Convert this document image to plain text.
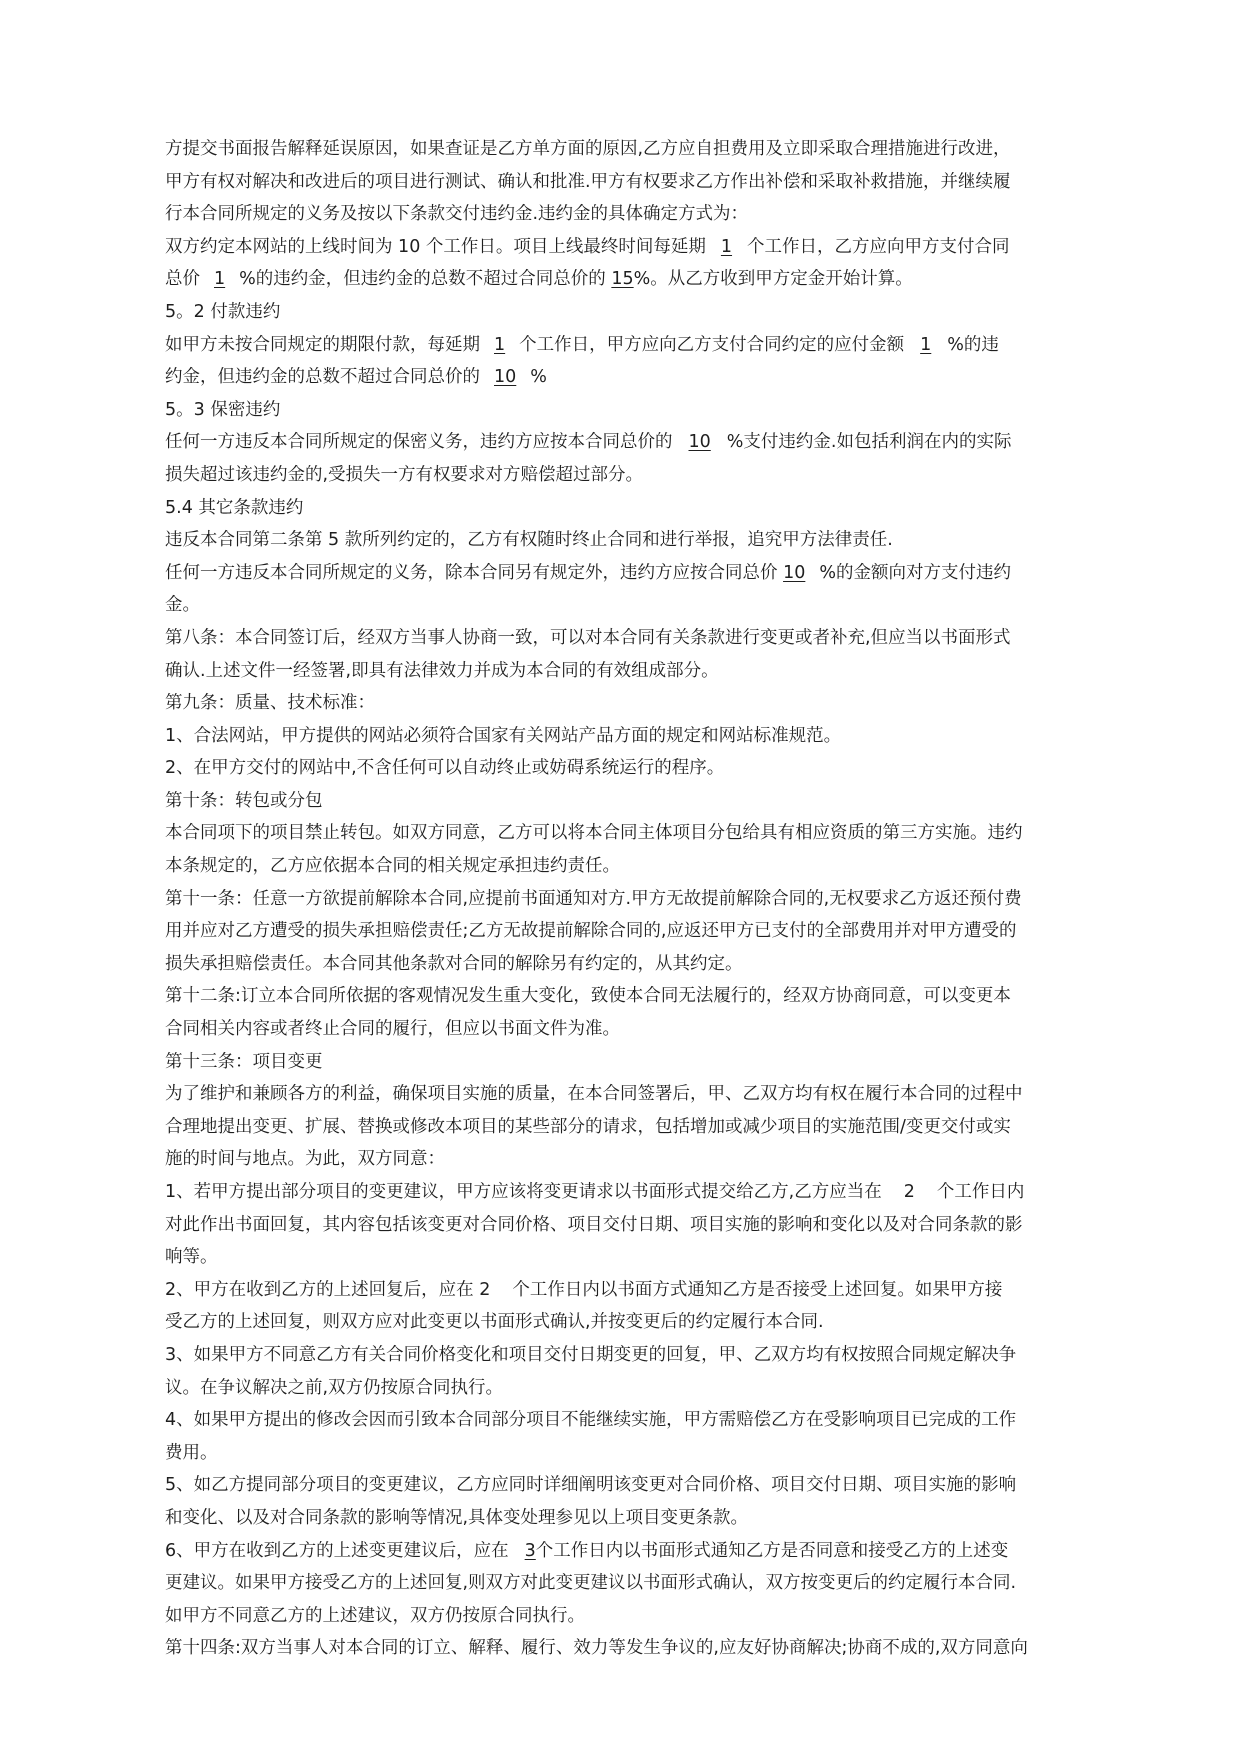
方提交书面报告解释延误原因，如果查证是乙方单方面的原因,乙方应自担费用及立即采取合理措施进行改进，
甲方有权对解决和改进后的项目进行测试、确认和批准.甲方有权要求乙方作出补偿和采取补救措施，并继续履
行本合同所规定的义务及按以下条款交付违约金.违约金的具体确定方式为：
双方约定本网站的上线时间为 10 个工作日。项目上线最终时间每延期 1 个工作日，乙方应向甲方支付合同
总价 1 %的违约金，但违约金的总数不超过合同总价的 15%。从乙方收到甲方定金开始计算。
5。2 付款违约
如甲方未按合同规定的期限付款，每延期 1 个工作日，甲方应向乙方支付合同约定的应付金额 1 %的违
约金，但违约金的总数不超过合同总价的 10 %
5。3 保密违约
任何一方违反本合同所规定的保密义务，违约方应按本合同总价的 10 %支付违约金.如包括利润在内的实际
损失超过该违约金的,受损失一方有权要求对方赔偿超过部分。
5.4 其它条款违约
违反本合同第二条第 5 款所列约定的，乙方有权随时终止合同和进行举报，追究甲方法律责任.
任何一方违反本合同所规定的义务，除本合同另有规定外，违约方应按合同总价 10 %的金额向对方支付违约
金。
第八条：本合同签订后，经双方当事人协商一致，可以对本合同有关条款进行变更或者补充,但应当以书面形式
确认.上述文件一经签署,即具有法律效力并成为本合同的有效组成部分。
第九条：质量、技术标准：
1、合法网站，甲方提供的网站必须符合国家有关网站产品方面的规定和网站标准规范。
2、在甲方交付的网站中,不含任何可以自动终止或妨碍系统运行的程序。
第十条：转包或分包
本合同项下的项目禁止转包。如双方同意，乙方可以将本合同主体项目分包给具有相应资质的第三方实施。违约
本条规定的，乙方应依据本合同的相关规定承担违约责任。
第十一条：任意一方欲提前解除本合同,应提前书面通知对方.甲方无故提前解除合同的,无权要求乙方返还预付费
用并应对乙方遭受的损失承担赔偿责任;乙方无故提前解除合同的,应返还甲方已支付的全部费用并对甲方遭受的
损失承担赔偿责任。本合同其他条款对合同的解除另有约定的，从其约定。
第十二条:订立本合同所依据的客观情况发生重大变化，致使本合同无法履行的，经双方协商同意，可以变更本
合同相关内容或者终止合同的履行，但应以书面文件为准。
第十三条：项目变更
为了维护和兼顾各方的利益，确保项目实施的质量，在本合同签署后，甲、乙双方均有权在履行本合同的过程中
合理地提出变更、扩展、替换或修改本项目的某些部分的请求，包括增加或减少项目的实施范围/变更交付或实
施的时间与地点。为此，双方同意：
1、若甲方提出部分项目的变更建议，甲方应该将变更请求以书面形式提交给乙方,乙方应当在 2 个工作日内
对此作出书面回复，其内容包括该变更对合同价格、项目交付日期、项目实施的影响和变化以及对合同条款的影
响等。
2、甲方在收到乙方的上述回复后，应在 2 个工作日内以书面方式通知乙方是否接受上述回复。如果甲方接
受乙方的上述回复，则双方应对此变更以书面形式确认,并按变更后的约定履行本合同.
3、如果甲方不同意乙方有关合同价格变化和项目交付日期变更的回复，甲、乙双方均有权按照合同规定解决争
议。在争议解决之前,双方仍按原合同执行。
4、如果甲方提出的修改会因而引致本合同部分项目不能继续实施，甲方需赔偿乙方在受影响项目已完成的工作
费用。
5、如乙方提同部分项目的变更建议，乙方应同时详细阐明该变更对合同价格、项目交付日期、项目实施的影响
和变化、以及对合同条款的影响等情况,具体变处理参见以上项目变更条款。
6、甲方在收到乙方的上述变更建议后，应在 3个工作日内以书面形式通知乙方是否同意和接受乙方的上述变
更建议。如果甲方接受乙方的上述回复,则双方对此变更建议以书面形式确认，双方按变更后的约定履行本合同.
如甲方不同意乙方的上述建议，双方仍按原合同执行。
第十四条:双方当事人对本合同的订立、解释、履行、效力等发生争议的,应友好协商解决;协商不成的,双方同意向
